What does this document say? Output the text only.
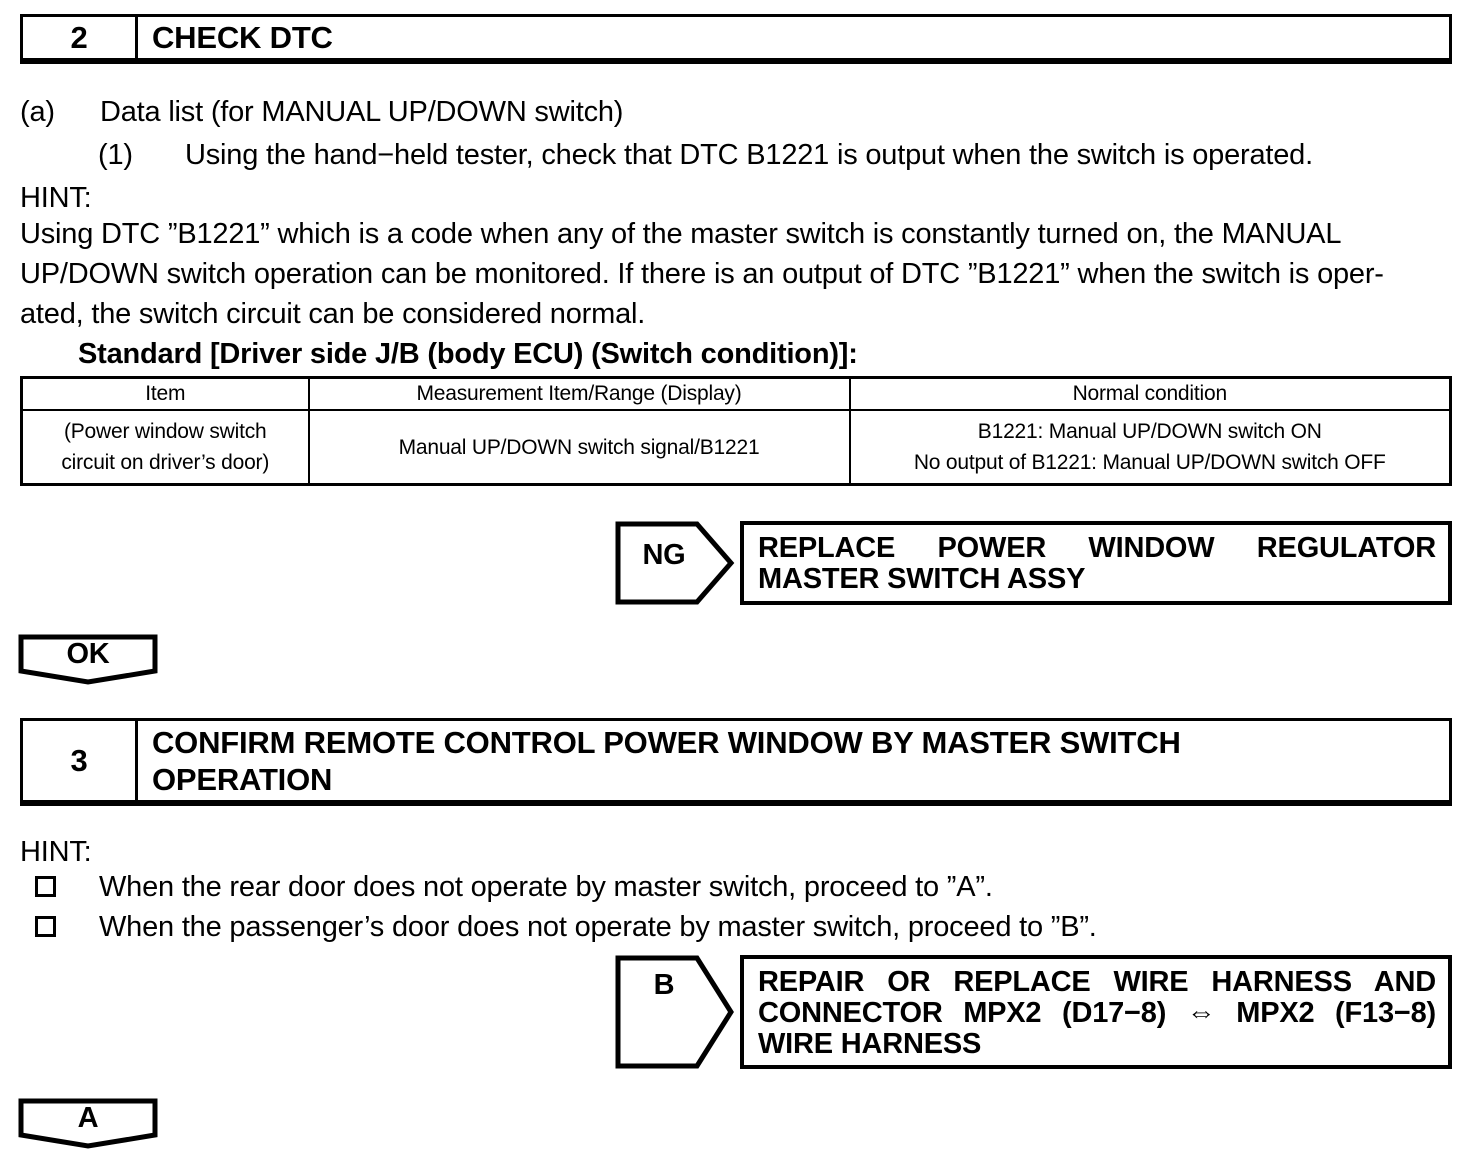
2	CHECK DTC
(a) Data list (for MANUAL UP/DOWN switch)
(1) Using the hand−held tester, check that DTC B1221 is output when the switch is operated.
HINT:
Using DTC ”B1221” which is a code when any of the master switch is constantly turned on, the MANUAL
UP/DOWN switch operation can be monitored. If there is an output of DTC ”B1221” when the switch is oper-
ated, the switch circuit can be considered normal.
Standard [Driver side J/B (body ECU) (Switch condition)]:
Item	Measurement Item/Range (Display)	Normal condition
(Power window switch circuit on driver’s door)	Manual UP/DOWN switch signal/B1221	B1221: Manual UP/DOWN switch ON
No output of B1221: Manual UP/DOWN switch OFF
NG	REPLACE POWER WINDOW REGULATOR
MASTER SWITCH ASSY
OK
3
CONFIRM REMOTE CONTROL POWER WINDOW BY MASTER SWITCH
OPERATION
HINT:
When the rear door does not operate by master switch, proceed to ”A”.
When the passenger’s door does not operate by master switch, proceed to ”B”.
B	REPAIR OR REPLACE WIRE HARNESS AND
CONNECTOR MPX2 (D17−8) ⇔ MPX2 (F13−8)
WIRE HARNESS
A
